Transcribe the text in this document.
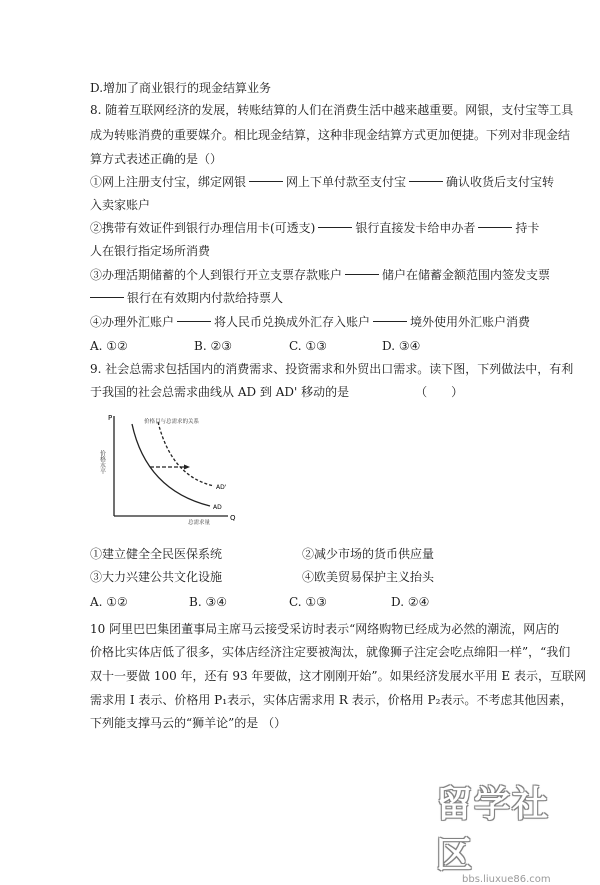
D.增加了商业银行的现金结算业务
8. 随着互联网经济的发展，转账结算的人们在消费生活中越来越重要。网银，支付宝等工具
成为转账消费的重要媒介。相比现金结算，这种非现金结算方式更加便捷。下列对非现金结
算方式表述正确的是（）
①网上注册支付宝，绑定网银	网上下单付款至支付宝	确认收货后支付宝转
入卖家账户
②携带有效证件到银行办理信用卡(可透支)	银行直接发卡给申办者	持卡
人在银行指定场所消费
③办理活期储蓄的个人到银行开立支票存款账户	储户在储蓄金额范围内签发支票
银行在有效期内付款给持票人
④办理外汇账户	将人民币兑换成外汇存入账户	境外使用外汇账户消费
A. ①②	B. ②③	C. ①③	D. ③④
9. 社会总需求包括国内的消费需求、投资需求和外贸出口需求。读下图，下列做法中，有利
于我国的社会总需求曲线从 AD 到 AD' 移动的是	（　　）
P
Q
价格水平
总需求量
价格目与总需求的关系
AD'
AD
①建立健全全民医保系统	②减少市场的货币供应量
③大力兴建公共文化设施	④欧美贸易保护主义抬头
A. ①②	B. ③④	C. ①③	D. ②④
10 阿里巴巴集团董事局主席马云接受采访时表示“网络购物已经成为必然的潮流，网店的
价格比实体店低了很多，实体店经济注定要被淘汰，就像狮子注定会吃点绵阳一样”，“我们
双十一要做 100 年，还有 93 年要做，这才刚刚开始”。如果经济发展水平用 E 表示，互联网
需求用 I 表示、价格用 P₁表示，实体店需求用 R 表示，价格用 P₂表示。不考虑其他因素，
下列能支撑马云的“狮羊论”的是 （）
留学社区
bbs.liuxue86.com
